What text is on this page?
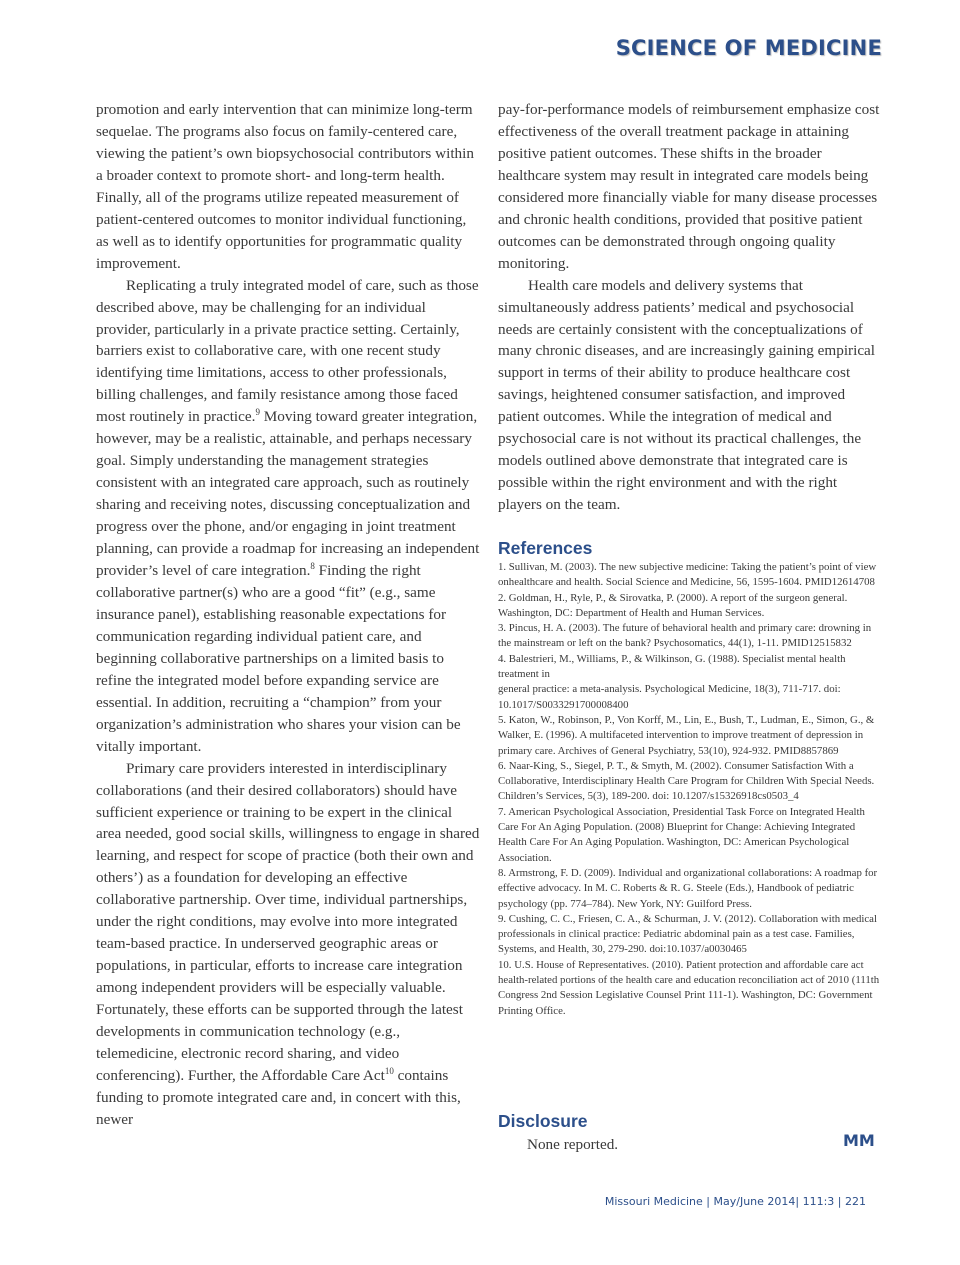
SCIENCE OF MEDICINE

promotion and early intervention that can minimize long-term sequelae. The programs also focus on family-centered care, viewing the patient’s own biopsychosocial contributors within a broader context to promote short- and long-term health. Finally, all of the programs utilize repeated measurement of patient-centered outcomes to monitor individual functioning, as well as to identify opportunities for programmatic quality improvement.

Replicating a truly integrated model of care, such as those described above, may be challenging for an individual provider, particularly in a private practice setting. Certainly, barriers exist to collaborative care, with one recent study identifying time limitations, access to other professionals, billing challenges, and family resistance among those faced most routinely in practice.$^9$ Moving toward greater integration, however, may be a realistic, attainable, and perhaps necessary goal. Simply understanding the management strategies consistent with an integrated care approach, such as routinely sharing and receiving notes, discussing conceptualization and progress over the phone, and/or engaging in joint treatment planning, can provide a roadmap for increasing an independent provider’s level of care integration.$^8$ Finding the right collaborative partner(s) who are a good “fit” (e.g., same insurance panel), establishing reasonable expectations for communication regarding individual patient care, and beginning collaborative partnerships on a limited basis to refine the integrated model before expanding service are essential. In addition, recruiting a “champion” from your organization’s administration who shares your vision can be vitally important.

Primary care providers interested in interdisciplinary collaborations (and their desired collaborators) should have sufficient experience or training to be expert in the clinical area needed, good social skills, willingness to engage in shared learning, and respect for scope of practice (both their own and others’) as a foundation for developing an effective collaborative partnership. Over time, individual partnerships, under the right conditions, may evolve into more integrated team-based practice. In underserved geographic areas or populations, in particular, efforts to increase care integration among independent providers will be especially valuable. Fortunately, these efforts can be supported through the latest developments in communication technology (e.g., telemedicine, electronic record sharing, and video conferencing). Further, the Affordable Care Act$^{10}$ contains funding to promote integrated care and, in concert with this, newer

pay-for-performance models of reimbursement emphasize cost effectiveness of the overall treatment package in attaining positive patient outcomes. These shifts in the broader healthcare system may result in integrated care models being considered more financially viable for many disease processes and chronic health conditions, provided that positive patient outcomes can be demonstrated through ongoing quality monitoring.

Health care models and delivery systems that simultaneously address patients’ medical and psychosocial needs are certainly consistent with the conceptualizations of many chronic diseases, and are increasingly gaining empirical support in terms of their ability to produce healthcare cost savings, heightened consumer satisfaction, and improved patient outcomes. While the integration of medical and psychosocial care is not without its practical challenges, the models outlined above demonstrate that integrated care is possible within the right environment and with the right players on the team.

References
1. Sullivan, M. (2003). The new subjective medicine: Taking the patient’s point of view onhealthcare and health. Social Science and Medicine, 56, 1595-1604. PMID12614708
2. Goldman, H., Ryle, P., & Sirovatka, P. (2000). A report of the surgeon general. Washington, DC: Department of Health and Human Services.
3. Pincus, H. A. (2003). The future of behavioral health and primary care: drowning in the mainstream or left on the bank? Psychosomatics, 44(1), 1-11. PMID12515832
4. Balestrieri, M., Williams, P., & Wilkinson, G. (1988). Specialist mental health treatment in
general practice: a meta-analysis. Psychological Medicine, 18(3), 711-717. doi: 10.1017/S0033291700008400
5. Katon, W., Robinson, P., Von Korff, M., Lin, E., Bush, T., Ludman, E., Simon, G., & Walker, E. (1996). A multifaceted intervention to improve treatment of depression in primary care. Archives of General Psychiatry, 53(10), 924-932. PMID8857869
6. Naar-King, S., Siegel, P. T., & Smyth, M. (2002). Consumer Satisfaction With a Collaborative, Interdisciplinary Health Care Program for Children With Special Needs. Children’s Services, 5(3), 189-200. doi: 10.1207/s15326918cs0503_4
7. American Psychological Association, Presidential Task Force on Integrated Health Care For An Aging Population. (2008) Blueprint for Change: Achieving Integrated Health Care For An Aging Population. Washington, DC: American Psychological Association.
8. Armstrong, F. D. (2009). Individual and organizational collaborations: A roadmap for effective advocacy. In M. C. Roberts & R. G. Steele (Eds.), Handbook of pediatric psychology (pp. 774–784). New York, NY: Guilford Press.
9. Cushing, C. C., Friesen, C. A., & Schurman, J. V. (2012). Collaboration with medical professionals in clinical practice: Pediatric abdominal pain as a test case. Families, Systems, and Health, 30, 279-290. doi:10.1037/a0030465
10. U.S. House of Representatives. (2010). Patient protection and affordable care act health-related portions of the health care and education reconciliation act of 2010 (111th Congress 2nd Session Legislative Counsel Print 111-1). Washington, DC: Government Printing Office.
Disclosure

None reported.	MM
Missouri Medicine | May/June 2014| 111:3 | 221
